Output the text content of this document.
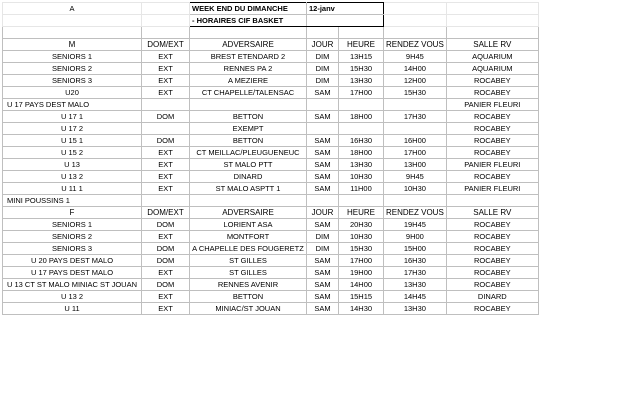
A		WEEK END DU DIMANCHE	12-janv			
		- HORAIRES CIF BASKET				

M	DOM/EXT	ADVERSAIRE	JOUR	HEURE	RENDEZ VOUS	SALLE RV
SENIORS 1	EXT	BREST ETENDARD 2	DIM	13H15	9H45	AQUARIUM
SENIORS 2	EXT	RENNES PA 2	DIM	15H30	14H00	AQUARIUM
SENIORS 3	EXT	A MEZIERE	DIM	13H30	12H00	ROCABEY
U20	EXT	CT CHAPELLE/TALENSAC	SAM	17H00	15H30	ROCABEY
U 17 PAYS DEST MALO						PANIER FLEURI
U 17 1	DOM	BETTON	SAM	18H00	17H30	ROCABEY
U 17 2		EXEMPT				ROCABEY
U 15 1	DOM	BETTON	SAM	16H30	16H00	ROCABEY
U 15 2	EXT	CT MEILLAC/PLEUGUENEUC	SAM	18H00	17H00	ROCABEY
U 13	EXT	ST MALO PTT	SAM	13H30	13H00	PANIER FLEURI
U 13 2	EXT	DINARD	SAM	10H30	9H45	ROCABEY
U 11 1	EXT	ST MALO ASPTT 1	SAM	11H00	10H30	PANIER FLEURI
MINI POUSSINS 1						
F	DOM/EXT	ADVERSAIRE	JOUR	HEURE	RENDEZ VOUS	SALLE RV
SENIORS 1	DOM	LORIENT ASA	SAM	20H30	19H45	ROCABEY
SENIORS 2	EXT	MONTFORT	DIM	10H30	9H00	ROCABEY
SENIORS 3	DOM	A CHAPELLE DES FOUGERETZ	DIM	15H30	15H00	ROCABEY
U 20 PAYS DEST MALO	DOM	ST GILLES	SAM	17H00	16H30	ROCABEY
U 17 PAYS DEST MALO	EXT	ST GILLES	SAM	19H00	17H30	ROCABEY
U 13 CT ST MALO MINIAC ST JOUAN	DOM	RENNES AVENIR	SAM	14H00	13H30	ROCABEY
U 13 2	EXT	BETTON	SAM	15H15	14H45	DINARD
U 11	EXT	MINIAC/ST JOUAN	SAM	14H30	13H30	ROCABEY
